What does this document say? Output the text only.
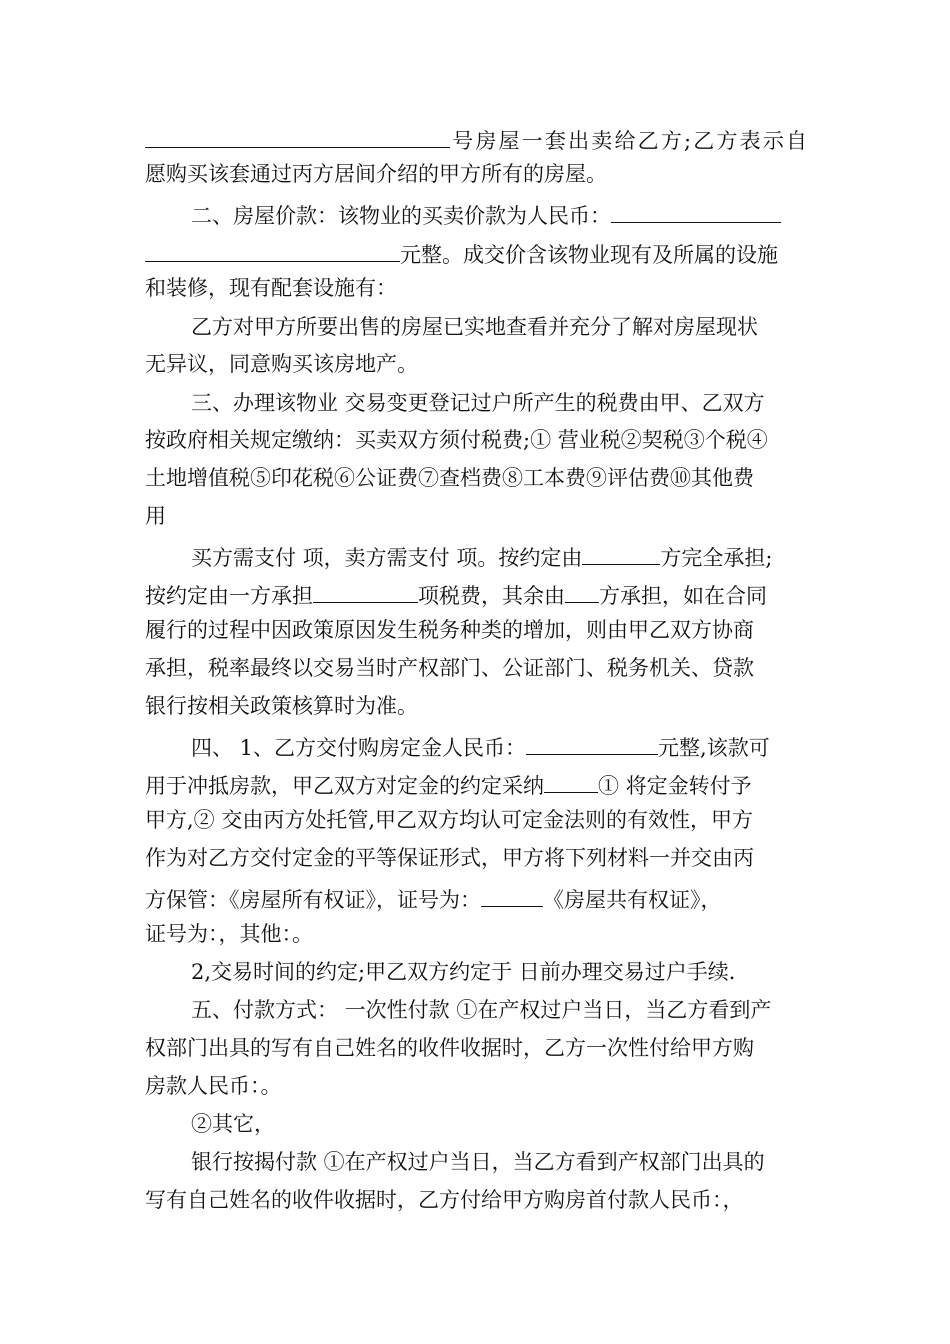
号房屋一套出卖给乙方;乙方表示自
愿购买该套通过丙方居间介绍的甲方所有的房屋。
二、房屋价款：该物业的买卖价款为人民币：
元整。成交价含该物业现有及所属的设施
和装修，现有配套设施有：
乙方对甲方所要出售的房屋已实地查看并充分了解对房屋现状
无异议，同意购买该房地产。
三、办理该物业 交易变更登记过户所产生的税费由甲、乙双方
按政府相关规定缴纳：买卖双方须付税费;① 营业税②契税③个税④
土地增值税⑤印花税⑥公证费⑦查档费⑧工本费⑨评估费⑩其他费
用
买方需支付 项，卖方需支付 项。按约定由	方完全承担;
按约定由一方承担	项税费，其余由 方承担，如在合同
履行的过程中因政策原因发生税务种类的增加，则由甲乙双方协商
承担，税率最终以交易当时产权部门、公证部门、税务机关、贷款
银行按相关政策核算时为准。
四、 1、乙方交付购房定金人民币：	元整,该款可
用于冲抵房款，甲乙双方对定金的约定采纳	① 将定金转付予
甲方,② 交由丙方处托管,甲乙双方均认可定金法则的有效性，甲方
作为对乙方交付定金的平等保证形式，甲方将下列材料一并交由丙
方保管：《房屋所有权证》，证号为：	《房屋共有权证》，
证号为：，其他：。
2,交易时间的约定;甲乙双方约定于 日前办理交易过户手续.
五、付款方式： 一次性付款 ①在产权过户当日，当乙方看到产
权部门出具的写有自己姓名的收件收据时，乙方一次性付给甲方购
房款人民币：。
②其它，
银行按揭付款 ①在产权过户当日，当乙方看到产权部门出具的
写有自己姓名的收件收据时，乙方付给甲方购房首付款人民币：，
